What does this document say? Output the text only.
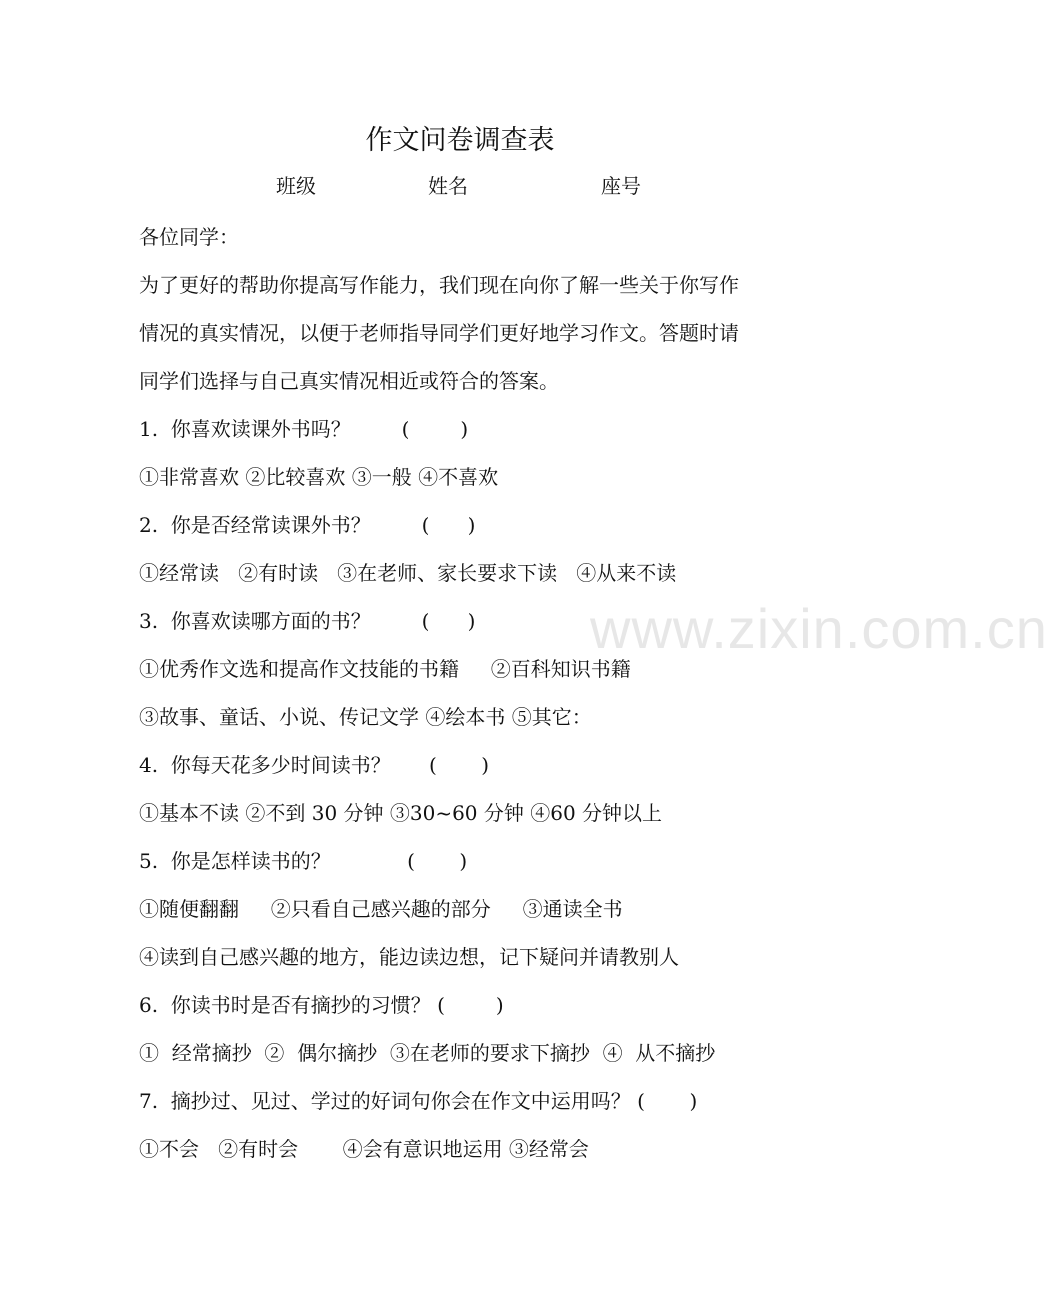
作文问卷调查表
班级	姓名	座号
各位同学：
为了更好的帮助你提高写作能力，我们现在向你了解一些关于你写作
情况的真实情况，以便于老师指导同学们更好地学习作文。答题时请
同学们选择与自己真实情况相近或符合的答案。
1.  你喜欢读课外书吗？        (        )
①非常喜欢 ②比较喜欢 ③一般 ④不喜欢
2.  你是否经常读课外书？        (      )
①经常读   ②有时读   ③在老师、家长要求下读   ④从来不读
3.  你喜欢读哪方面的书？        (      )
①优秀作文选和提高作文技能的书籍     ②百科知识书籍
③故事、童话、小说、传记文学 ④绘本书 ⑤其它：
4.  你每天花多少时间读书？      (       )
①基本不读 ②不到 30 分钟 ③30~60 分钟 ④60 分钟以上
5.  你是怎样读书的？            (       )
①随便翻翻     ②只看自己感兴趣的部分     ③通读全书
④读到自己感兴趣的地方，能边读边想，记下疑问并请教别人
6.  你读书时是否有摘抄的习惯？ (        )
①  经常摘抄  ②  偶尔摘抄  ③在老师的要求下摘抄  ④  从不摘抄
7.  摘抄过、见过、学过的好词句你会在作文中运用吗？ (       )
①不会   ②有时会       ④会有意识地运用 ③经常会
www.zixin.com.cn
